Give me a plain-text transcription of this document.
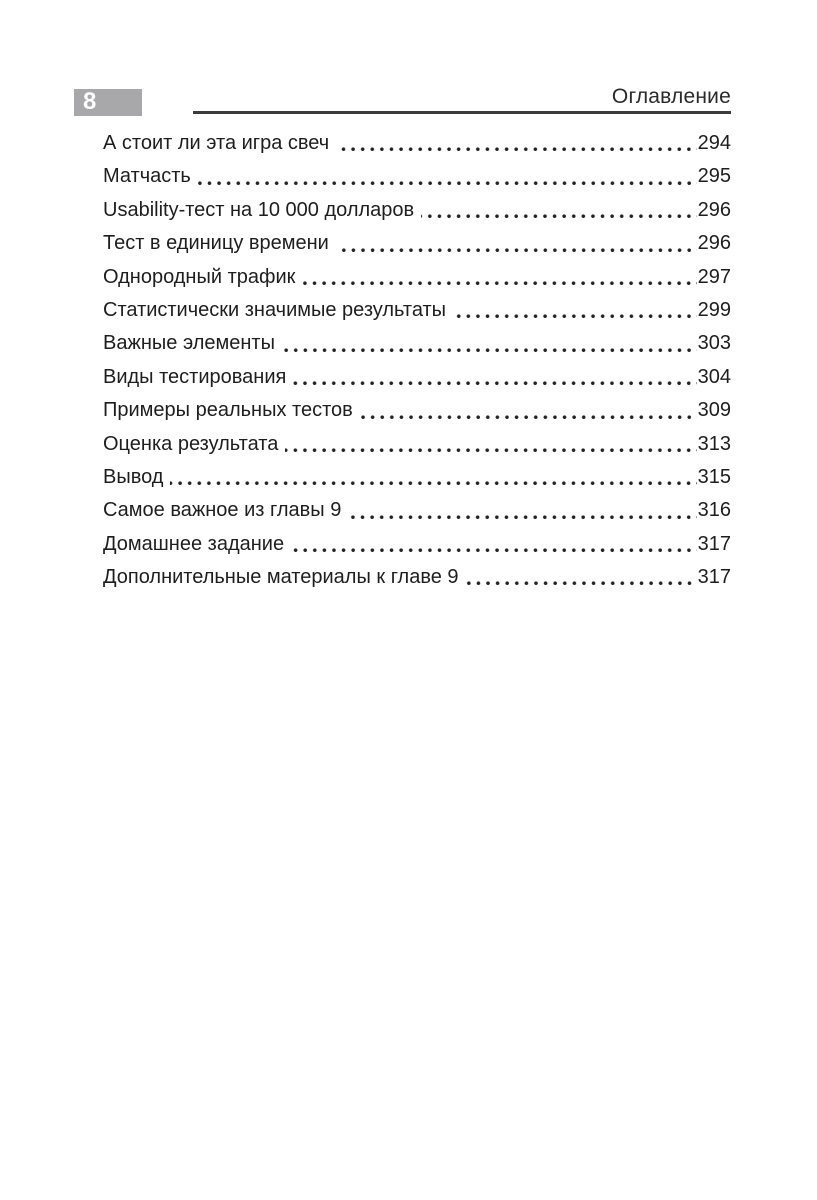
8	Оглавление
А стоит ли эта игра свеч	294
Матчасть	295
Usability-тест на 10 000 долларов	296
Тест в единицу времени	296
Однородный трафик	297
Статистически значимые результаты	299
Важные элементы	303
Виды тестирования	304
Примеры реальных тестов	309
Оценка результата	313
Вывод	315
Самое важное из главы 9	316
Домашнее задание	317
Дополнительные материалы к главе 9	317
